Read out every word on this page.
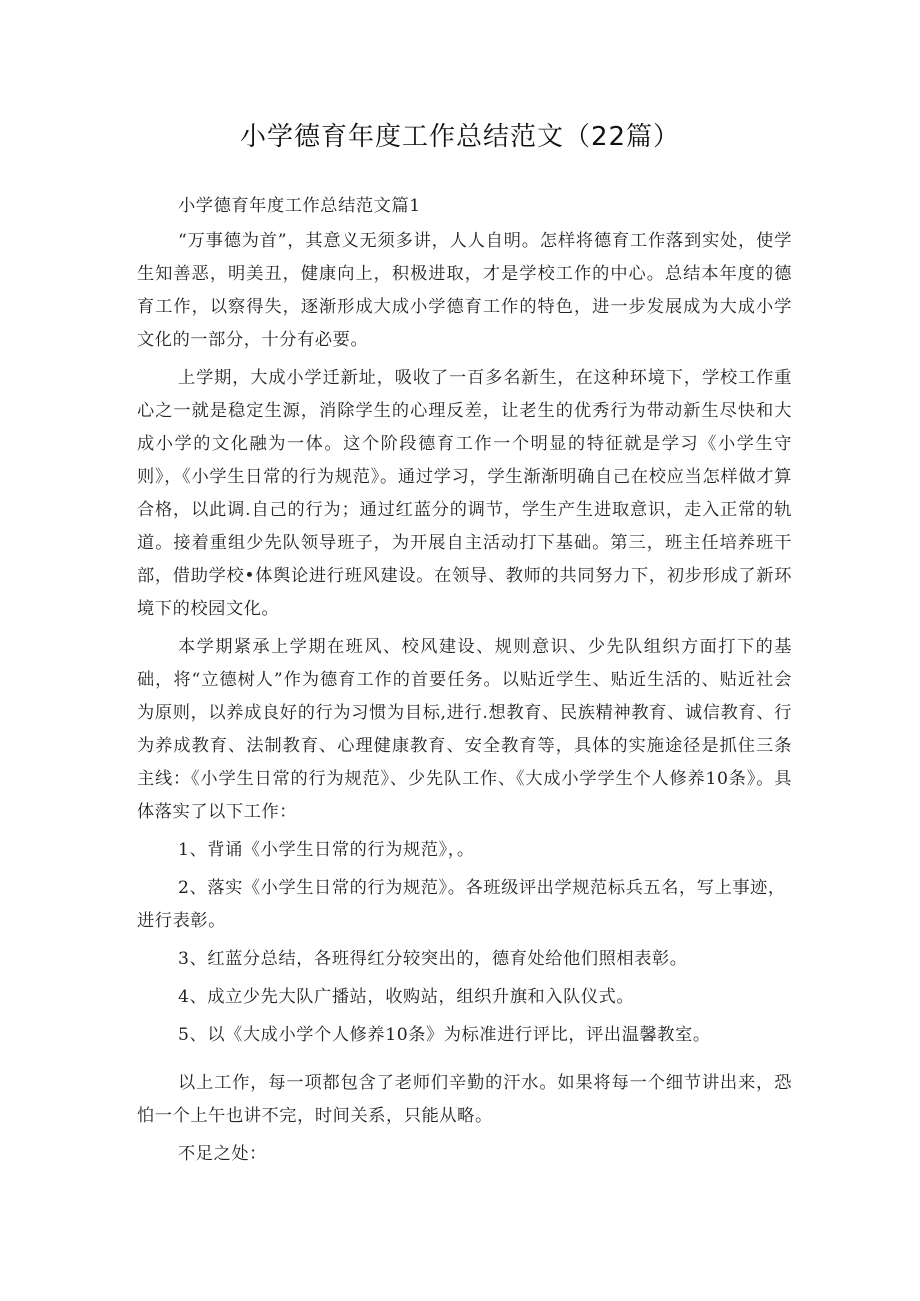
小学德育年度工作总结范文（22篇）

小学德育年度工作总结范文篇1

“万事德为首”，其意义无须多讲，人人自明。怎样将德育工作落到实处，使学生知善恶，明美丑，健康向上，积极进取，才是学校工作的中心。总结本年度的德育工作，以察得失，逐渐形成大成小学德育工作的特色，进一步发展成为大成小学文化的一部分，十分有必要。

上学期，大成小学迁新址，吸收了一百多名新生，在这种环境下，学校工作重心之一就是稳定生源，消除学生的心理反差，让老生的优秀行为带动新生尽快和大成小学的文化融为一体。这个阶段德育工作一个明显的特征就是学习《小学生守则》，《小学生日常的行为规范》。通过学习，学生渐渐明确自己在校应当怎样做才算合格，以此调.自己的行为；通过红蓝分的调节，学生产生进取意识，走入正常的轨道。接着重组少先队领导班子，为开展自主活动打下基础。第三，班主任培养班干部，借助学校•体舆论进行班风建设。在领导、教师的共同努力下，初步形成了新环境下的校园文化。

本学期紧承上学期在班风、校风建设、规则意识、少先队组织方面打下的基础，将“立德树人”作为德育工作的首要任务。以贴近学生、贴近生活的、贴近社会为原则，以养成良好的行为习惯为目标,进行.想教育、民族精神教育、诚信教育、行为养成教育、法制教育、心理健康教育、安全教育等，具体的实施途径是抓住三条主线：《小学生日常的行为规范》、少先队工作、《大成小学学生个人修养10条》。具体落实了以下工作：

1、背诵《小学生日常的行为规范》，。

2、落实《小学生日常的行为规范》。各班级评出学规范标兵五名，写上事迹，进行表彰。

3、红蓝分总结，各班得红分较突出的，德育处给他们照相表彰。

4、成立少先大队广播站，收购站，组织升旗和入队仪式。

5、以《大成小学个人修养10条》为标准进行评比，评出温馨教室。

以上工作，每一项都包含了老师们辛勤的汗水。如果将每一个细节讲出来，恐怕一个上午也讲不完，时间关系，只能从略。

不足之处：
